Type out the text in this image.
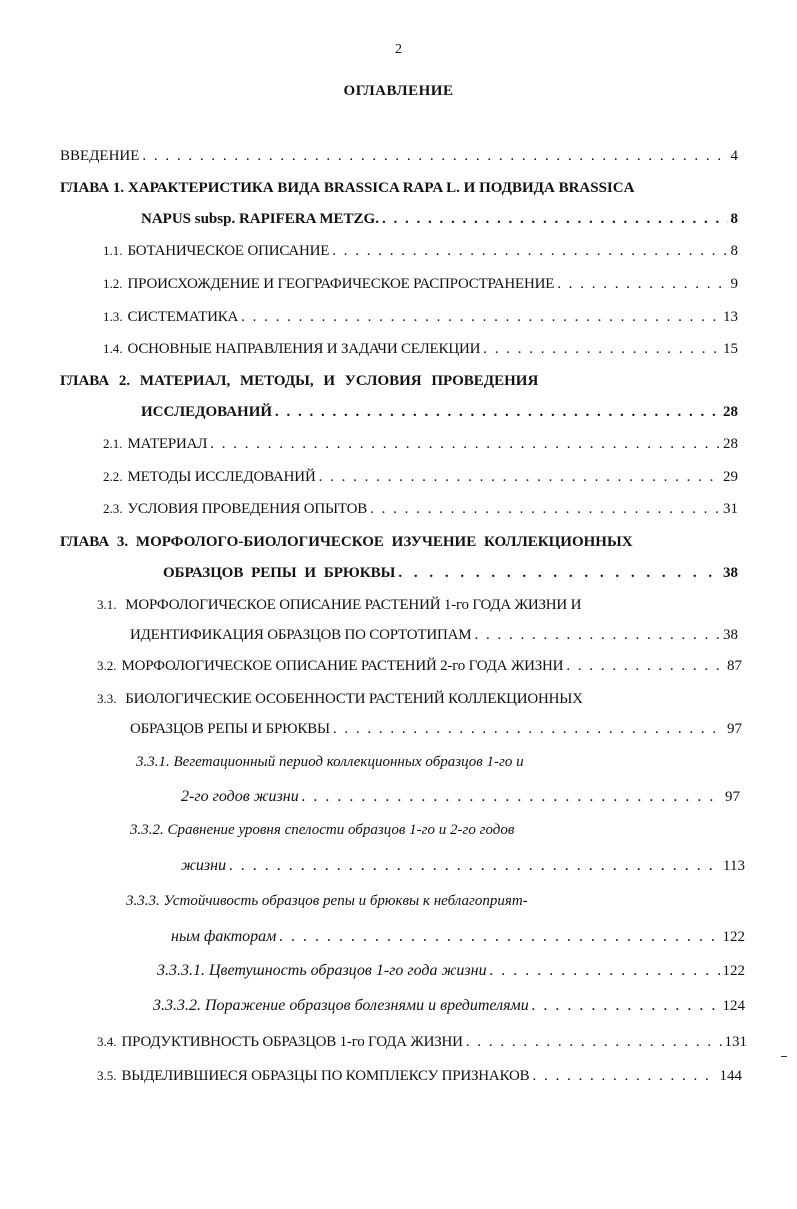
2
ОГЛАВЛЕНИЕ
ВВЕДЕНИЕ . . .	4
ГЛАВА 1. ХАРАКТЕРИСТИКА ВИДА BRASSICA RAPA L. И ПОДВИДА BRASSICA
NAPUS subsp. RAPIFERA METZG. . . .	8
1.1. БОТАНИЧЕСКОЕ ОПИСАНИЕ . . .	8
1.2. ПРОИСХОЖДЕНИЕ И ГЕОГРАФИЧЕСКОЕ РАСПРОСТРАНЕНИЕ . . .	9
1.3. СИСТЕМАТИКА . . .	13
1.4. ОСНОВНЫЕ НАПРАВЛЕНИЯ И ЗАДАЧИ СЕЛЕКЦИИ . . .	15
ГЛАВА 2. МАТЕРИАЛ, МЕТОДЫ, И УСЛОВИЯ ПРОВЕДЕНИЯ
ИССЛЕДОВАНИЙ . . .	28
2.1. МАТЕРИАЛ . . .	28
2.2. МЕТОДЫ ИССЛЕДОВАНИЙ . . .	29
2.3. УСЛОВИЯ ПРОВЕДЕНИЯ ОПЫТОВ . . .	31
ГЛАВА 3. МОРФОЛОГО-БИОЛОГИЧЕСКОЕ ИЗУЧЕНИЕ КОЛЛЕКЦИОННЫХ
ОБРАЗЦОВ РЕПЫ И БРЮКВЫ . . .	38
3.1. МОРФОЛОГИЧЕСКОЕ ОПИСАНИЕ РАСТЕНИЙ 1-го ГОДА ЖИЗНИ И
ИДЕНТИФИКАЦИЯ ОБРАЗЦОВ ПО СОРТОТИПАМ . . .	38
3.2. МОРФОЛОГИЧЕСКОЕ ОПИСАНИЕ РАСТЕНИЙ 2-го ГОДА ЖИЗНИ . . .	87
3.3. БИОЛОГИЧЕСКИЕ ОСОБЕННОСТИ РАСТЕНИЙ КОЛЛЕКЦИОННЫХ
ОБРАЗЦОВ РЕПЫ И БРЮКВЫ . . .	97
3.3.1. Вегетационный период коллекционных образцов 1-го и
2-го годов жизни . . .	97
3.3.2. Сравнение уровня спелости образцов 1-го и 2-го годов
жизни . . .	113
3.3.3. Устойчивость образцов репы и брюквы к неблагоприят-
ным факторам . . .	122
3.3.3.1. Цветушность образцов 1-го года жизни . . .	122
3.3.3.2. Поражение образцов болезнями и вредителями . . .	124
3.4. ПРОДУКТИВНОСТЬ ОБРАЗЦОВ 1-го ГОДА ЖИЗНИ . . .	131
3.5. ВЫДЕЛИВШИЕСЯ ОБРАЗЦЫ ПО КОМПЛЕКСУ ПРИЗНАКОВ . . .	144
